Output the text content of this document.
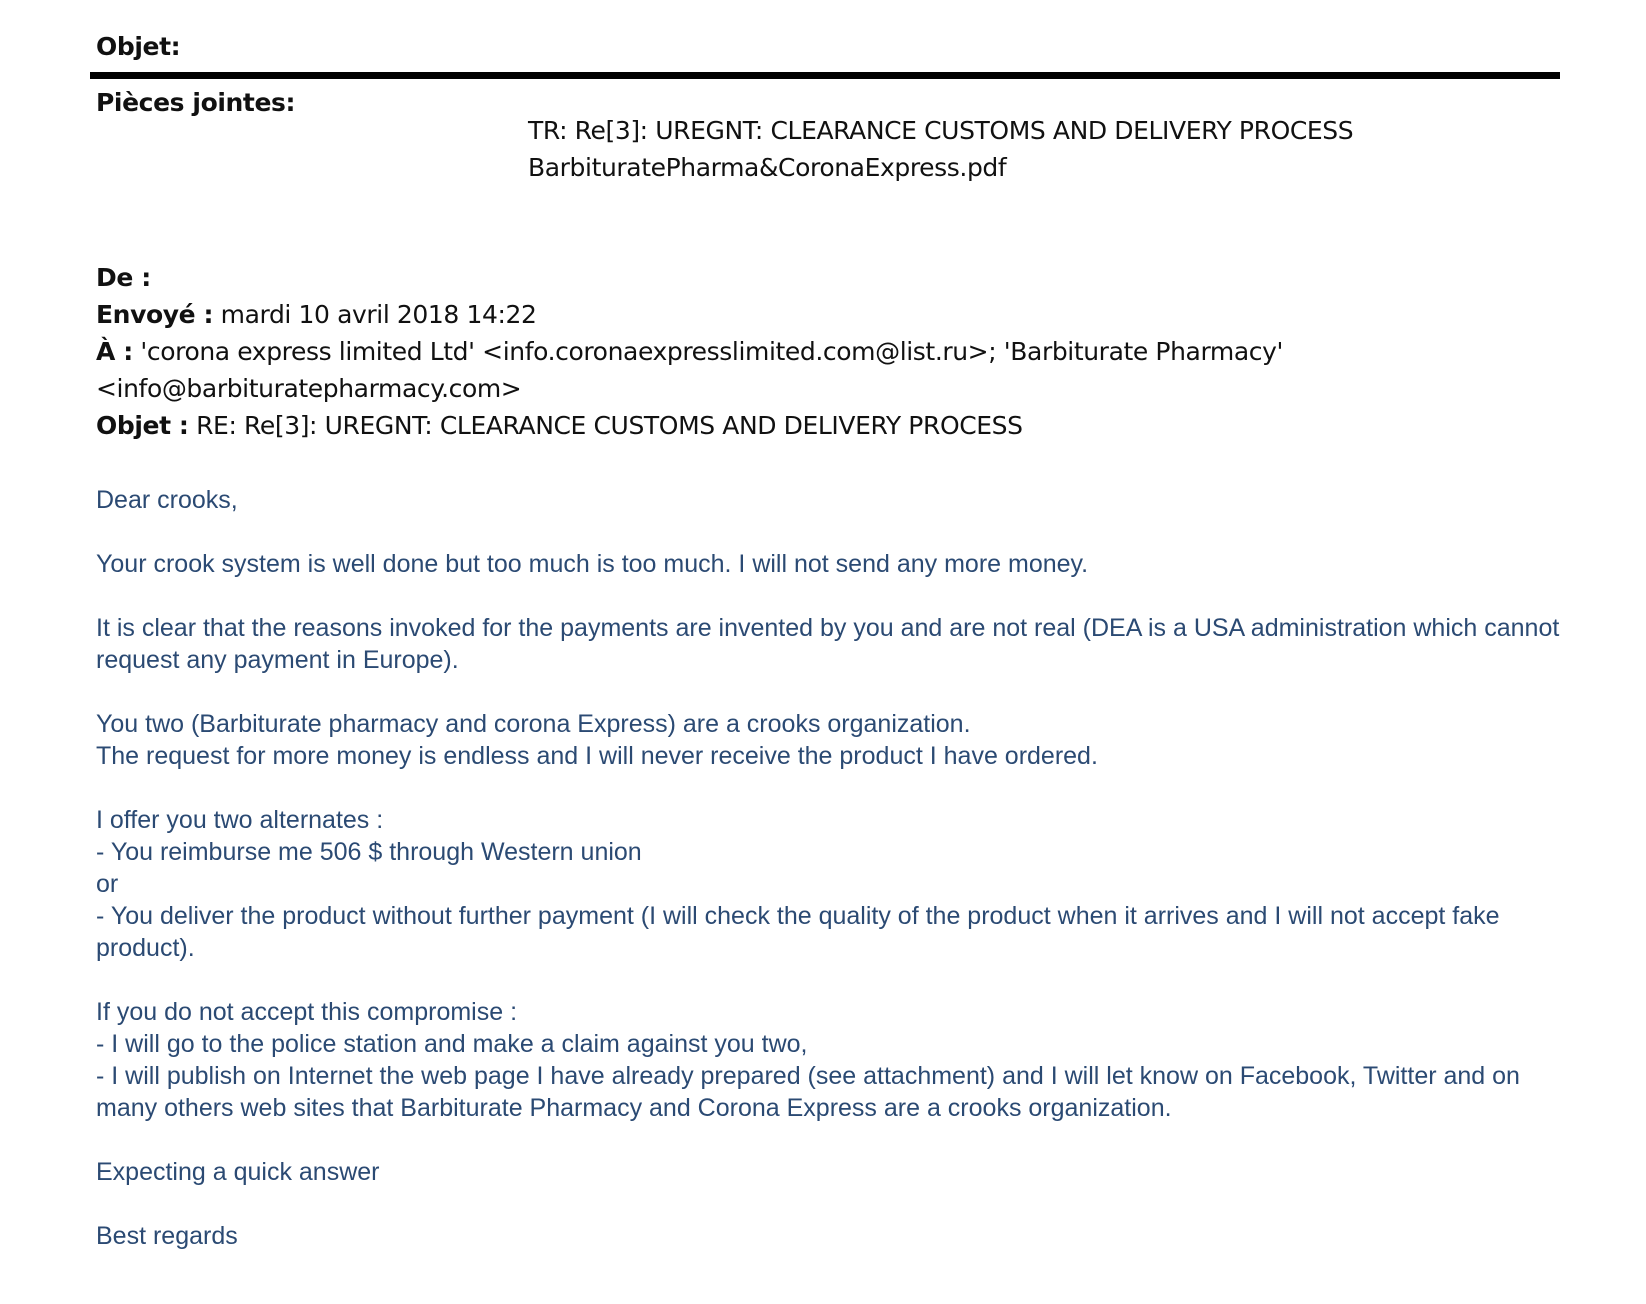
Objet:
Pièces jointes:
TR: Re[3]: UREGNT: CLEARANCE CUSTOMS AND DELIVERY PROCESS
BarbituratePharma&CoronaExpress.pdf
De :
Envoyé : mardi 10 avril 2018 14:22
À : 'corona express limited Ltd' <info.coronaexpresslimited.com@list.ru>; 'Barbiturate Pharmacy'
<info@barbituratepharmacy.com>
Objet : RE: Re[3]: UREGNT: CLEARANCE CUSTOMS AND DELIVERY PROCESS

Dear crooks,

Your crook system is well done but too much is too much. I will not send any more money.

It is clear that the reasons invoked for the payments are invented by you and are not real (DEA is a USA administration which cannot request any payment in Europe).

You two (Barbiturate pharmacy and corona Express) are a crooks organization.

The request for more money is endless and I will never receive the product I have ordered.

I offer you two alternates :

- You reimburse me 506 $ through Western union

or

- You deliver the product without further payment (I will check the quality of the product when it arrives and I will not accept fake product).

If you do not accept this compromise :

- I will go to the police station and make a claim against you two,

- I will publish on Internet the web page I have already prepared (see attachment) and I will let know on Facebook, Twitter and on many others web sites that Barbiturate Pharmacy and Corona Express are a crooks organization.

Expecting a quick answer

Best regards
